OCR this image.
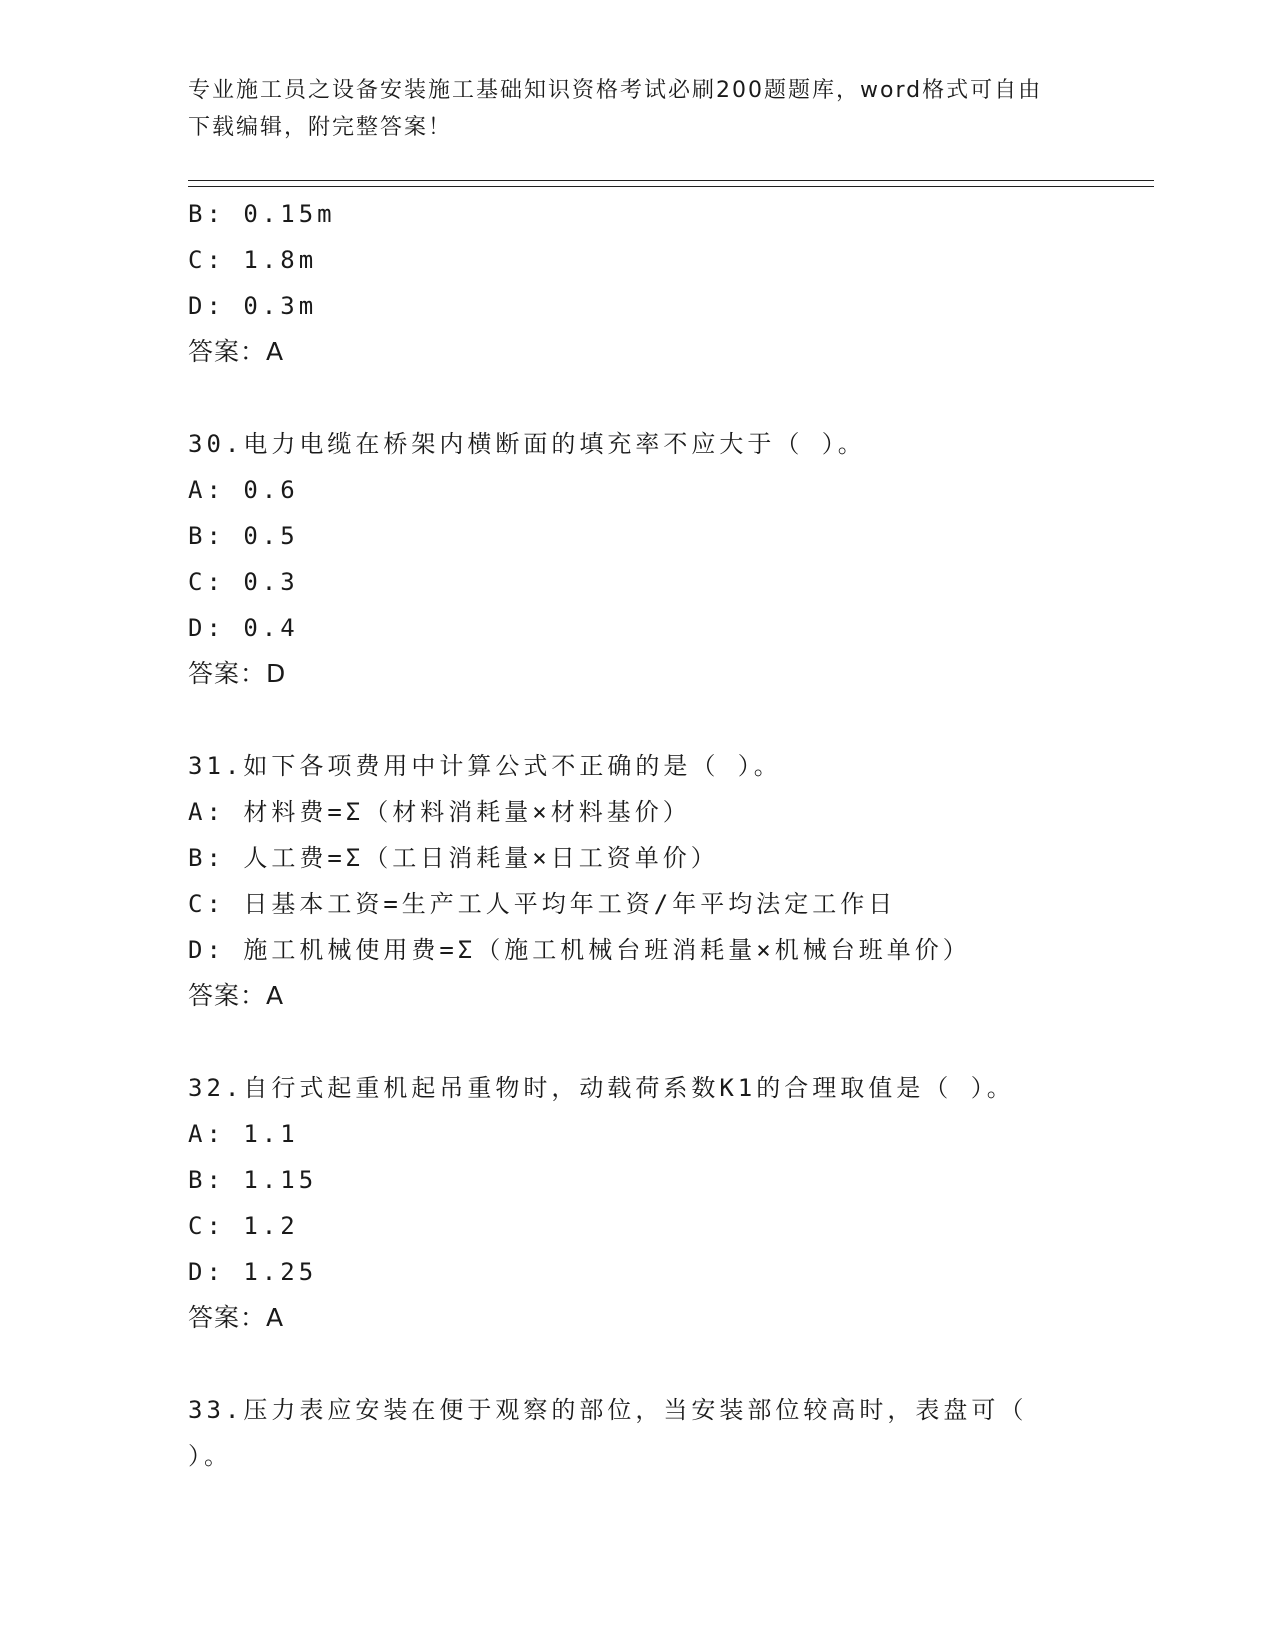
专业施工员之设备安装施工基础知识资格考试必刷200题题库，word格式可自由
下载编辑，附完整答案！
B: 0.15m
C: 1.8m
D: 0.3m
答案：A
30.电力电缆在桥架内横断面的填充率不应大于（ ）。
A: 0.6
B: 0.5
C: 0.3
D: 0.4
答案：D
31.如下各项费用中计算公式不正确的是（ ）。
A: 材料费=Σ（材料消耗量×材料基价）
B: 人工费=Σ（工日消耗量×日工资单价）
C: 日基本工资=生产工人平均年工资/年平均法定工作日
D: 施工机械使用费=Σ（施工机械台班消耗量×机械台班单价）
答案：A
32.自行式起重机起吊重物时，动载荷系数K1的合理取值是（ ）。
A: 1.1
B: 1.15
C: 1.2
D: 1.25
答案：A
33.压力表应安装在便于观察的部位，当安装部位较高时，表盘可（ ）。
